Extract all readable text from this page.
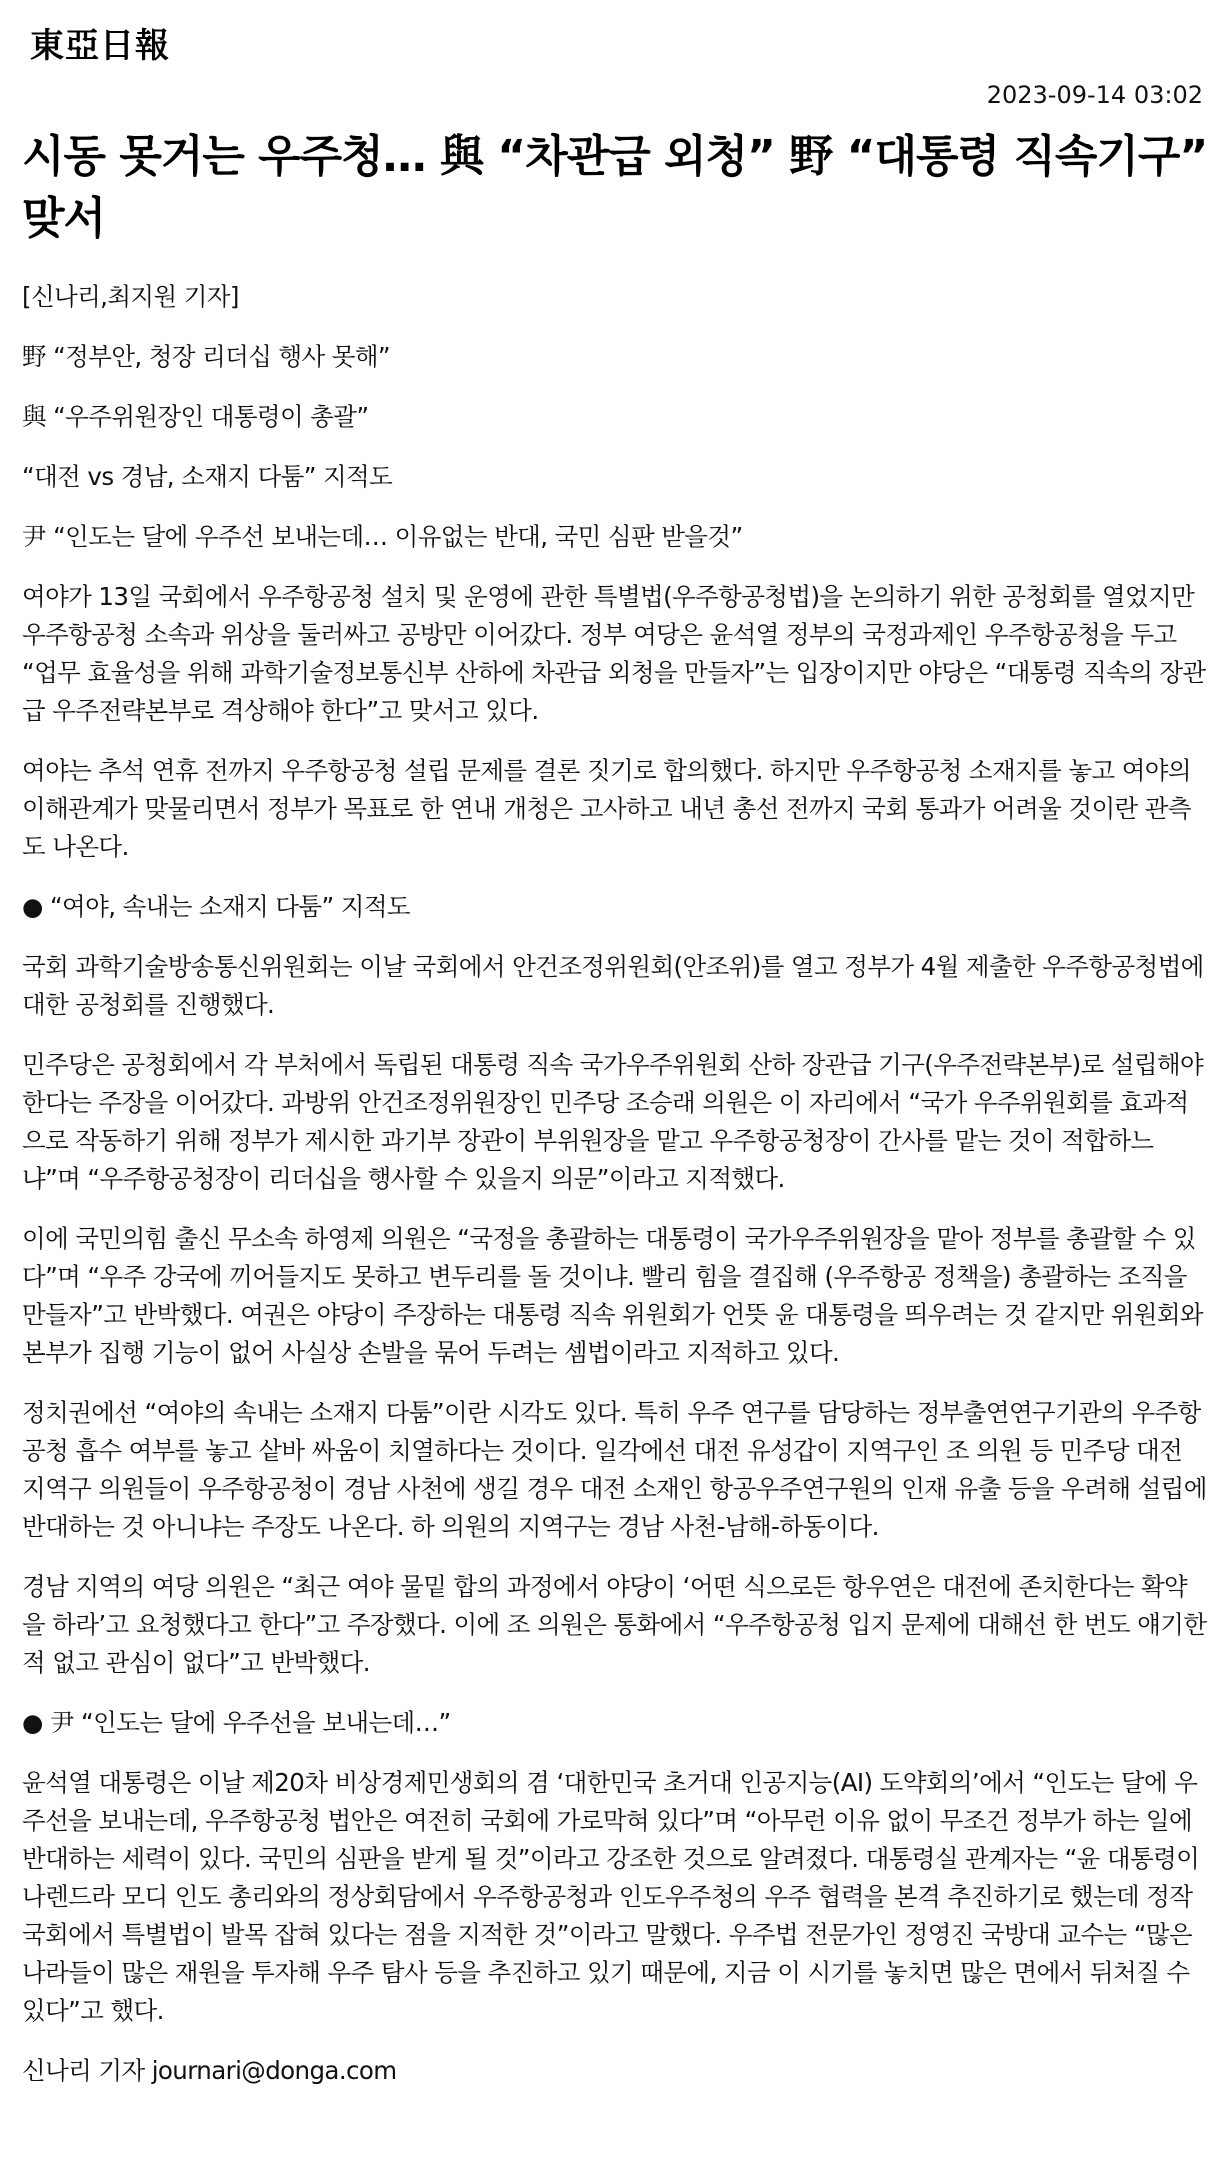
東亞日報
2023-09-14 03:02
시동 못거는 우주청… 與 “차관급 외청” 野 “대통령 직속기구” 맞서

[신나리,최지원 기자]

野 “정부안, 청장 리더십 행사 못해”

與 “우주위원장인 대통령이 총괄”

“대전 vs 경남, 소재지 다툼” 지적도

尹 “인도는 달에 우주선 보내는데… 이유없는 반대, 국민 심판 받을것”

여야가 13일 국회에서 우주항공청 설치 및 운영에 관한 특별법(우주항공청법)을 논의하기 위한 공청회를 열었지만 우주항공청 소속과 위상을 둘러싸고 공방만 이어갔다. 정부 여당은 윤석열 정부의 국정과제인 우주항공청을 두고 “업무 효율성을 위해 과학기술정보통신부 산하에 차관급 외청을 만들자”는 입장이지만 야당은 “대통령 직속의 장관급 우주전략본부로 격상해야 한다”고 맞서고 있다.

여야는 추석 연휴 전까지 우주항공청 설립 문제를 결론 짓기로 합의했다. 하지만 우주항공청 소재지를 놓고 여야의 이해관계가 맞물리면서 정부가 목표로 한 연내 개청은 고사하고 내년 총선 전까지 국회 통과가 어려울 것이란 관측도 나온다.

● “여야, 속내는 소재지 다툼” 지적도

국회 과학기술방송통신위원회는 이날 국회에서 안건조정위원회(안조위)를 열고 정부가 4월 제출한 우주항공청법에 대한 공청회를 진행했다.

민주당은 공청회에서 각 부처에서 독립된 대통령 직속 국가우주위원회 산하 장관급 기구(우주전략본부)로 설립해야 한다는 주장을 이어갔다. 과방위 안건조정위원장인 민주당 조승래 의원은 이 자리에서 “국가 우주위원회를 효과적으로 작동하기 위해 정부가 제시한 과기부 장관이 부위원장을 맡고 우주항공청장이 간사를 맡는 것이 적합하느냐”며 “우주항공청장이 리더십을 행사할 수 있을지 의문”이라고 지적했다.

이에 국민의힘 출신 무소속 하영제 의원은 “국정을 총괄하는 대통령이 국가우주위원장을 맡아 정부를 총괄할 수 있다”며 “우주 강국에 끼어들지도 못하고 변두리를 돌 것이냐. 빨리 힘을 결집해 (우주항공 정책을) 총괄하는 조직을 만들자”고 반박했다. 여권은 야당이 주장하는 대통령 직속 위원회가 언뜻 윤 대통령을 띄우려는 것 같지만 위원회와 본부가 집행 기능이 없어 사실상 손발을 묶어 두려는 셈법이라고 지적하고 있다.

정치권에선 “여야의 속내는 소재지 다툼”이란 시각도 있다. 특히 우주 연구를 담당하는 정부출연연구기관의 우주항공청 흡수 여부를 놓고 샅바 싸움이 치열하다는 것이다. 일각에선 대전 유성갑이 지역구인 조 의원 등 민주당 대전 지역구 의원들이 우주항공청이 경남 사천에 생길 경우 대전 소재인 항공우주연구원의 인재 유출 등을 우려해 설립에 반대하는 것 아니냐는 주장도 나온다. 하 의원의 지역구는 경남 사천-남해-하동이다.

경남 지역의 여당 의원은 “최근 여야 물밑 합의 과정에서 야당이 ‘어떤 식으로든 항우연은 대전에 존치한다는 확약을 하라’고 요청했다고 한다”고 주장했다. 이에 조 의원은 통화에서 “우주항공청 입지 문제에 대해선 한 번도 얘기한 적 없고 관심이 없다”고 반박했다.

● 尹 “인도는 달에 우주선을 보내는데…”

윤석열 대통령은 이날 제20차 비상경제민생회의 겸 ‘대한민국 초거대 인공지능(AI) 도약회의’에서 “인도는 달에 우주선을 보내는데, 우주항공청 법안은 여전히 국회에 가로막혀 있다”며 “아무런 이유 없이 무조건 정부가 하는 일에 반대하는 세력이 있다. 국민의 심판을 받게 될 것”이라고 강조한 것으로 알려졌다. 대통령실 관계자는 “윤 대통령이 나렌드라 모디 인도 총리와의 정상회담에서 우주항공청과 인도우주청의 우주 협력을 본격 추진하기로 했는데 정작 국회에서 특별법이 발목 잡혀 있다는 점을 지적한 것”이라고 말했다. 우주법 전문가인 정영진 국방대 교수는 “많은 나라들이 많은 재원을 투자해 우주 탐사 등을 추진하고 있기 때문에, 지금 이 시기를 놓치면 많은 면에서 뒤처질 수 있다”고 했다.

신나리 기자 journari@donga.com
